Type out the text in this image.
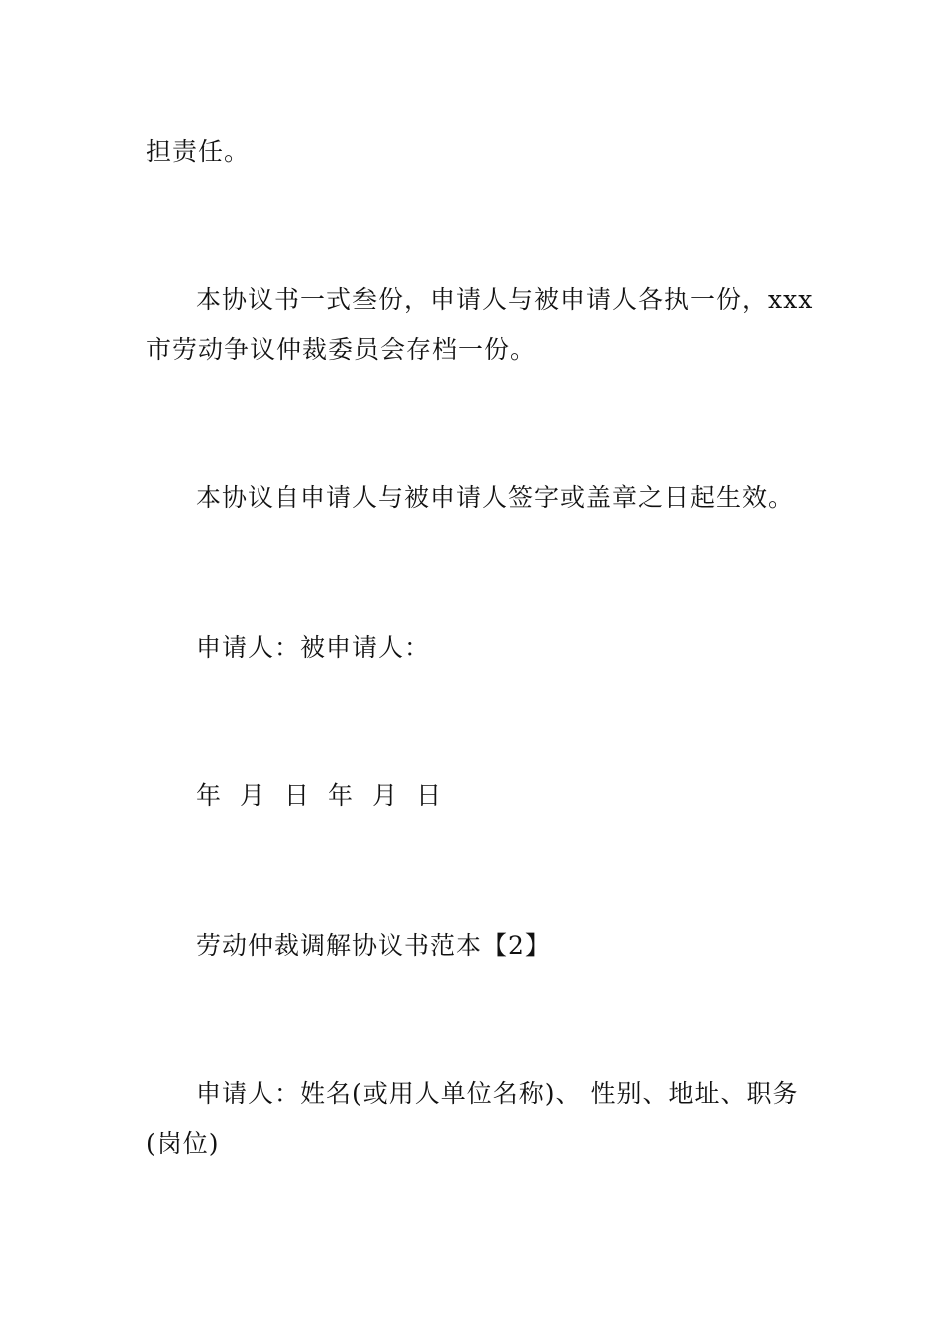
担责任。
本协议书一式叁份，申请人与被申请人各执一份，xxx
市劳动争议仲裁委员会存档一份。
本协议自申请人与被申请人签字或盖章之日起生效。
申请人：被申请人：
年 月 日 年 月 日
劳动仲裁调解协议书范本【2】
申请人：姓名(或用人单位名称)、 性别、地址、职务
(岗位)
